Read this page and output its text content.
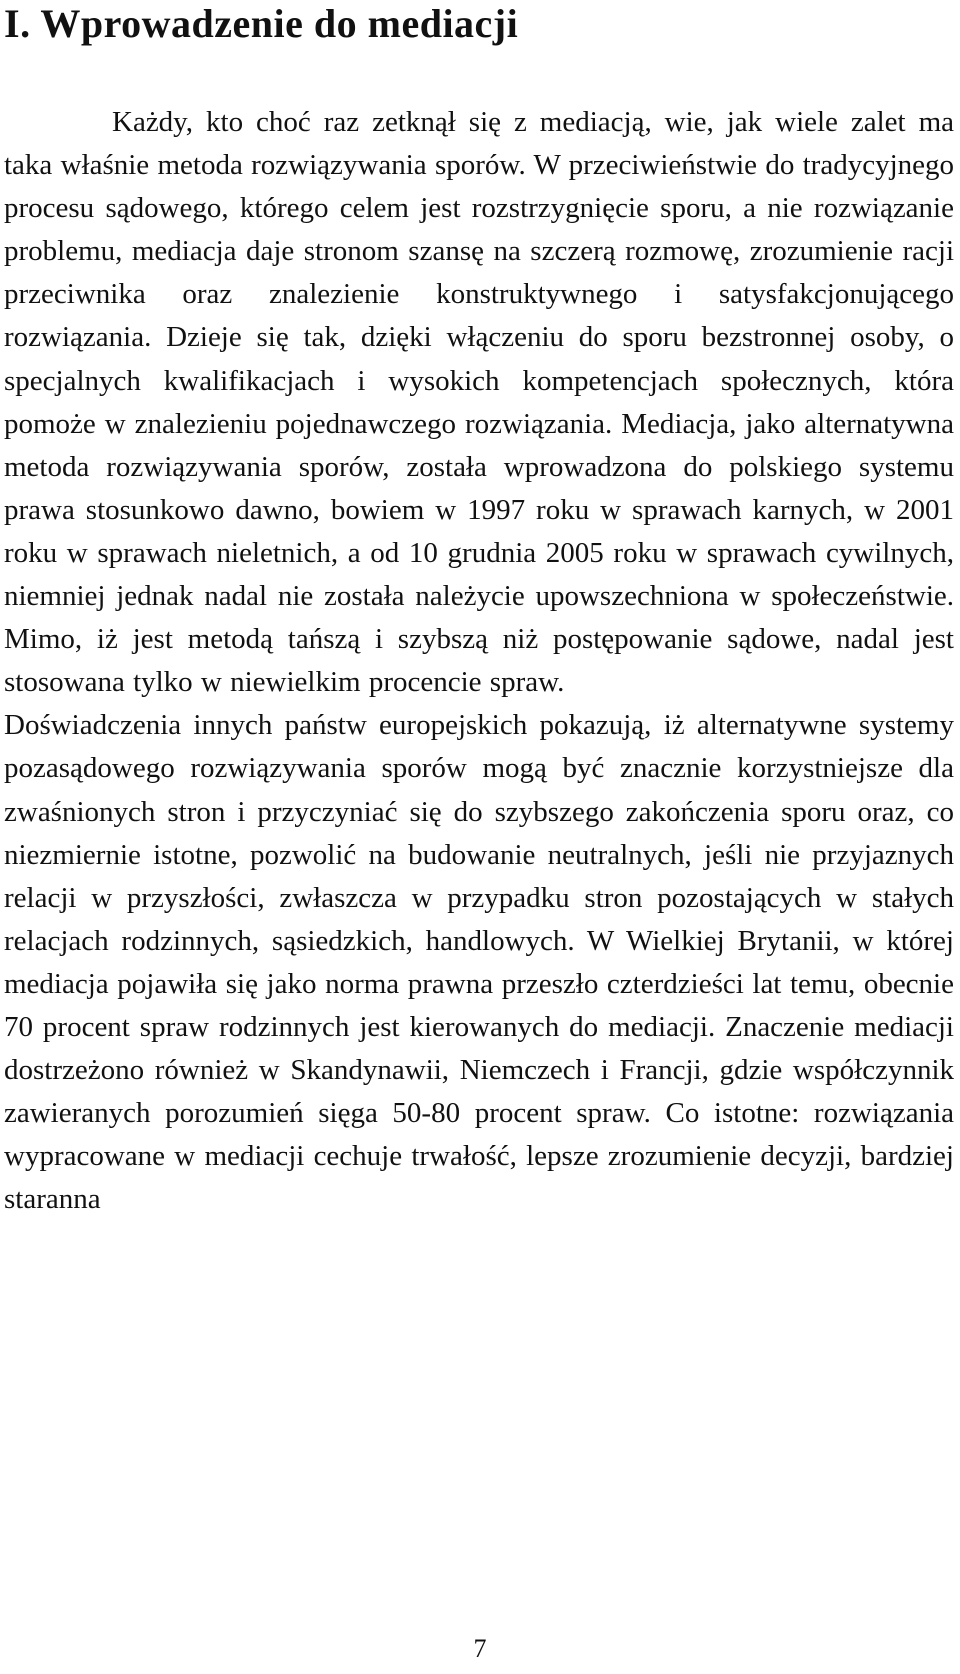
I. Wprowadzenie do mediacji

Każdy, kto choć raz zetknął się z mediacją, wie, jak wiele zalet ma taka właśnie metoda rozwiązywania sporów. W przeciwieństwie do tradycyjnego procesu sądowego, którego celem jest rozstrzygnięcie sporu, a nie rozwiązanie problemu, mediacja daje stronom szansę na szczerą rozmowę, zrozumienie racji przeciwnika oraz znalezienie konstruktywnego i satysfakcjonującego rozwiązania. Dzieje się tak, dzięki włączeniu do sporu bezstronnej osoby, o specjalnych kwalifikacjach i wysokich kompetencjach społecznych, która pomoże w znalezieniu pojednawczego rozwiązania. Mediacja, jako alternatywna metoda rozwiązywania sporów, została wprowadzona do polskiego systemu prawa stosunkowo dawno, bowiem w 1997 roku w sprawach karnych, w 2001 roku w sprawach nieletnich, a od 10 grudnia 2005 roku w sprawach cywilnych, niemniej jednak nadal nie została należycie upowszechniona w społeczeństwie. Mimo, iż jest metodą tańszą i szybszą niż postępowanie sądowe, nadal jest stosowana tylko w niewielkim procencie spraw.

Doświadczenia innych państw europejskich pokazują, iż alternatywne systemy pozasądowego rozwiązywania sporów mogą być znacznie korzystniejsze dla zwaśnionych stron i przyczyniać się do szybszego zakończenia sporu oraz, co niezmiernie istotne, pozwolić na budowanie neutralnych, jeśli nie przyjaznych relacji w przyszłości, zwłaszcza w przypadku stron pozostających w stałych relacjach rodzinnych, sąsiedzkich, handlowych. W Wielkiej Brytanii, w której mediacja pojawiła się jako norma prawna przeszło czterdzieści lat temu, obecnie 70 procent spraw rodzinnych jest kierowanych do mediacji. Znaczenie mediacji dostrzeżono również w Skandynawii, Niemczech i Francji, gdzie współczynnik zawieranych porozumień sięga 50-80 procent spraw. Co istotne: rozwiązania wypracowane w mediacji cechuje trwałość, lepsze zrozumienie decyzji, bardziej staranna

7
